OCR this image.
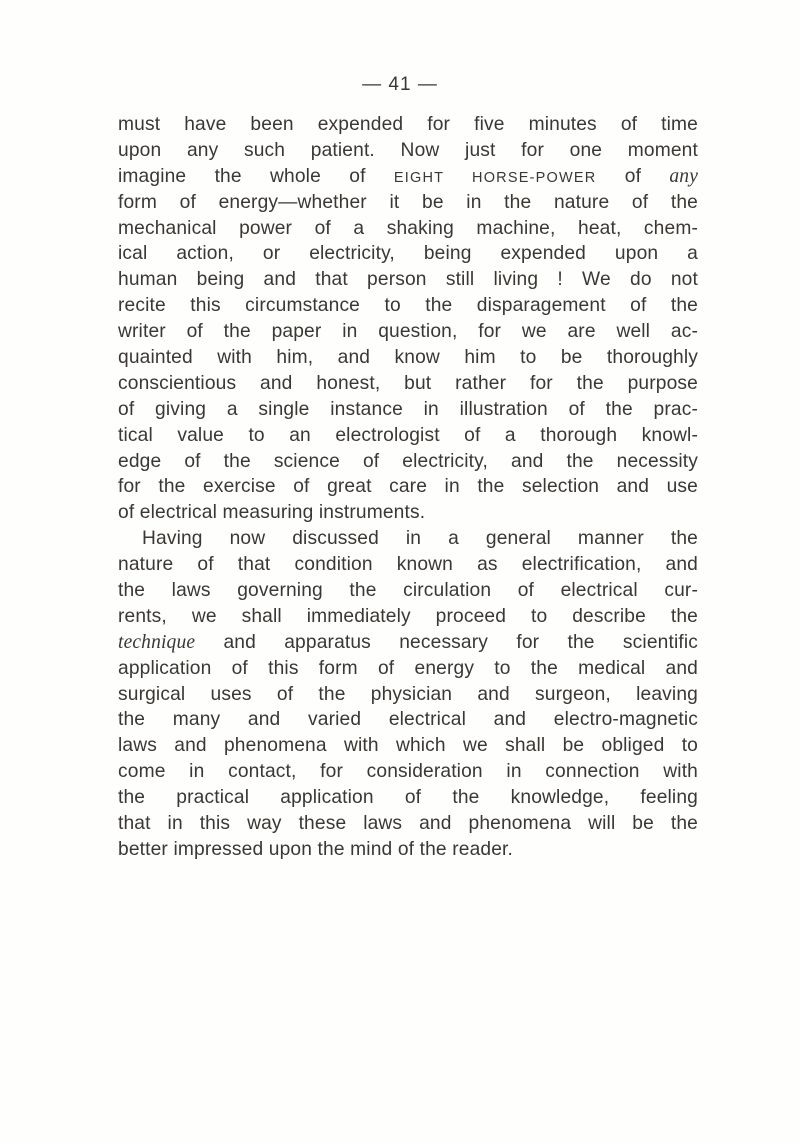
— 41 —
must have been expended for five minutes of time
upon any such patient. Now just for one moment
imagine the whole of EIGHT HORSE-POWER of any
form of energy—whether it be in the nature of the
mechanical power of a shaking machine, heat, chem-
ical action, or electricity, being expended upon a
human being and that person still living ! We do not
recite this circumstance to the disparagement of the
writer of the paper in question, for we are well ac-
quainted with him, and know him to be thoroughly
conscientious and honest, but rather for the purpose
of giving a single instance in illustration of the prac-
tical value to an electrologist of a thorough knowl-
edge of the science of electricity, and the necessity
for the exercise of great care in the selection and use
of electrical measuring instruments.
Having now discussed in a general manner the
nature of that condition known as electrification, and
the laws governing the circulation of electrical cur-
rents, we shall immediately proceed to describe the
technique and apparatus necessary for the scientific
application of this form of energy to the medical and
surgical uses of the physician and surgeon, leaving
the many and varied electrical and electro-magnetic
laws and phenomena with which we shall be obliged to
come in contact, for consideration in connection with
the practical application of the knowledge, feeling
that in this way these laws and phenomena will be the
better impressed upon the mind of the reader.
